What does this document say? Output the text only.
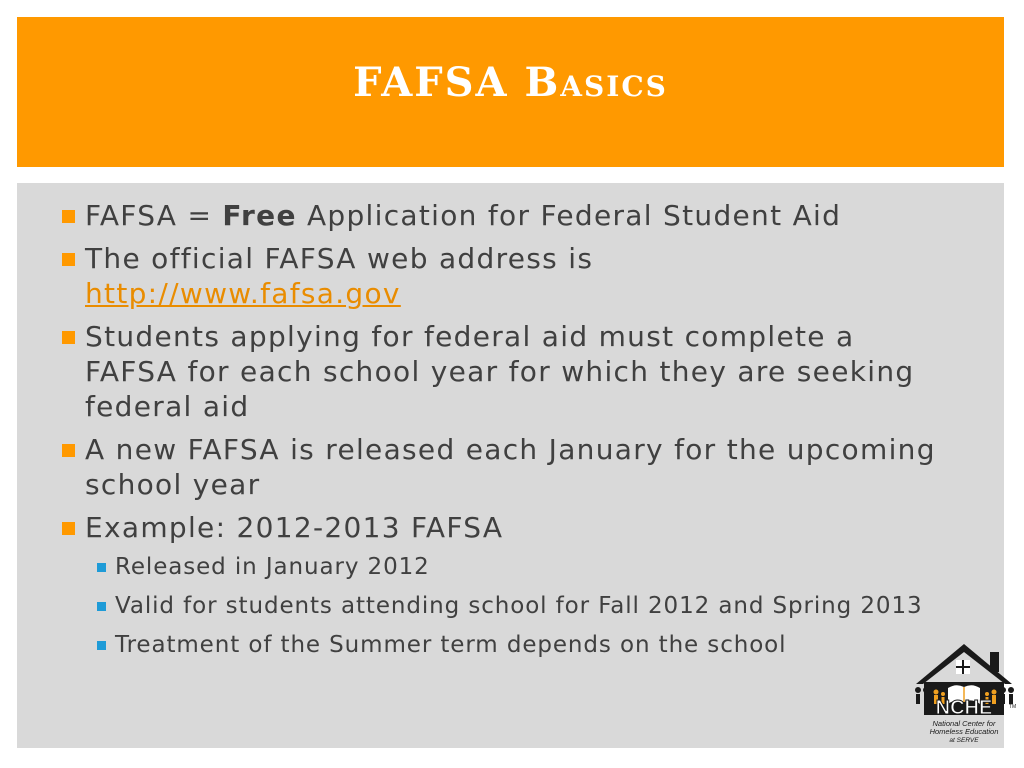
FAFSA Basics
FAFSA = Free Application for Federal Student Aid
The official FAFSA web address is
http://www.fafsa.gov
Students applying for federal aid must complete a FAFSA for each school year for which they are seeking federal aid
A new FAFSA is released each January for the upcoming school year
Example: 2012-2013 FAFSA
Released in January 2012
Valid for students attending school for Fall 2012 and Spring 2013
Treatment of the Summer term depends on the school
NCHE	TM
National Center for
Homeless Education
at SERVE
